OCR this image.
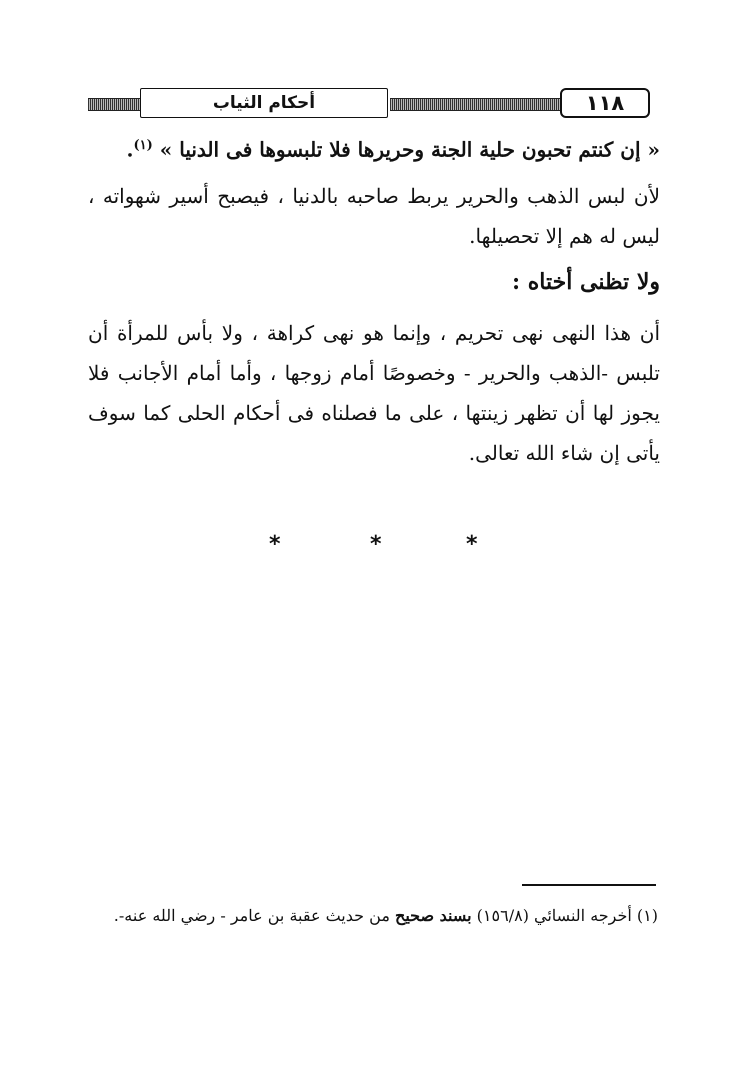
أحكام الثياب	١١٨
« إن كنتم تحبون حلية الجنة وحريرها فلا تلبسوها فى الدنيا » $^{(١)}$.
لأن لبس الذهب والحرير يربط صاحبه بالدنيا ، فيصبح أسير شهواته ، ليس له هم إلا تحصيلها.
ولا تظنى أختاه :
أن هذا النهى نهى تحريم ، وإنما هو نهى كراهة ، ولا بأس للمرأة أن تلبس -الذهب والحرير - وخصوصًا أمام زوجها ، وأما أمام الأجانب فلا يجوز لها أن تظهر زينتها ، على ما فصلناه فى أحكام الحلى كما سوف يأتى إن شاء الله تعالى.
*	*	*
(١) أخرجه النسائي (١٥٦/٨) بسند صحيح من حديث عقبة بن عامر - رضي الله عنه-.
